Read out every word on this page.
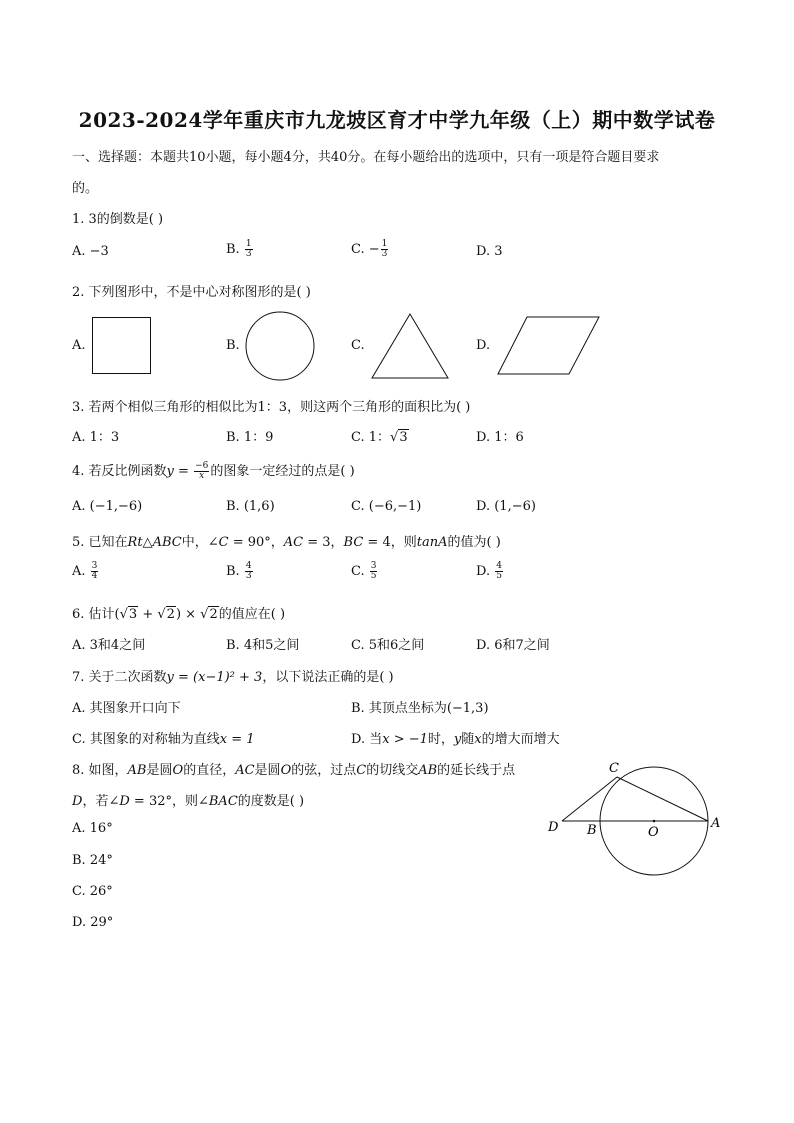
2023-2024学年重庆市九龙坡区育才中学九年级（上）期中数学试卷
一、选择题：本题共10小题，每小题4分，共40分。在每小题给出的选项中，只有一项是符合题目要求
的。
1. 3的倒数是( )
A. −3	B. $\frac{1}{3}$	C. − $\frac{1}{3}$	D. 3
2. 下列图形中，不是中心对称图形的是( )
A.	B.	C.	D.
3. 若两个相似三角形的相似比为1：3，则这两个三角形的面积比为( )
A. 1：3	B. 1：9	C. 1：√3	D. 1：6
4. 若反比例函数$y = \frac{-6}{x}$ 的图象一定经过的点是( )
A. (−1,−6)	B. (1,6)	C. (−6,−1)	D. (1,−6)
5. 已知在Rt△ABC中，∠C = 90°，AC = 3，BC = 4，则tanA的值为( )
A. $\frac{3}{4}$	B. $\frac{4}{3}$	C. $\frac{3}{5}$	D. $\frac{4}{5}$
6. 估计(√3 + √2) × √2的值应在( )
A. 3和4之间	B. 4和5之间	C. 5和6之间	D. 6和7之间
7. 关于二次函数y = (x−1)² + 3，以下说法正确的是( )
A. 其图象开口向下	B. 其顶点坐标为(−1,3)
C. 其图象的对称轴为直线x = 1	D. 当x > −1时，y随x的增大而增大
8. 如图，AB是圆O的直径，AC是圆O的弦，过点C的切线交AB的延长线于点
D，若∠D = 32°，则∠BAC的度数是( )
A. 16°
B. 24°
C. 26°
D. 29°
C
D B	O
A
